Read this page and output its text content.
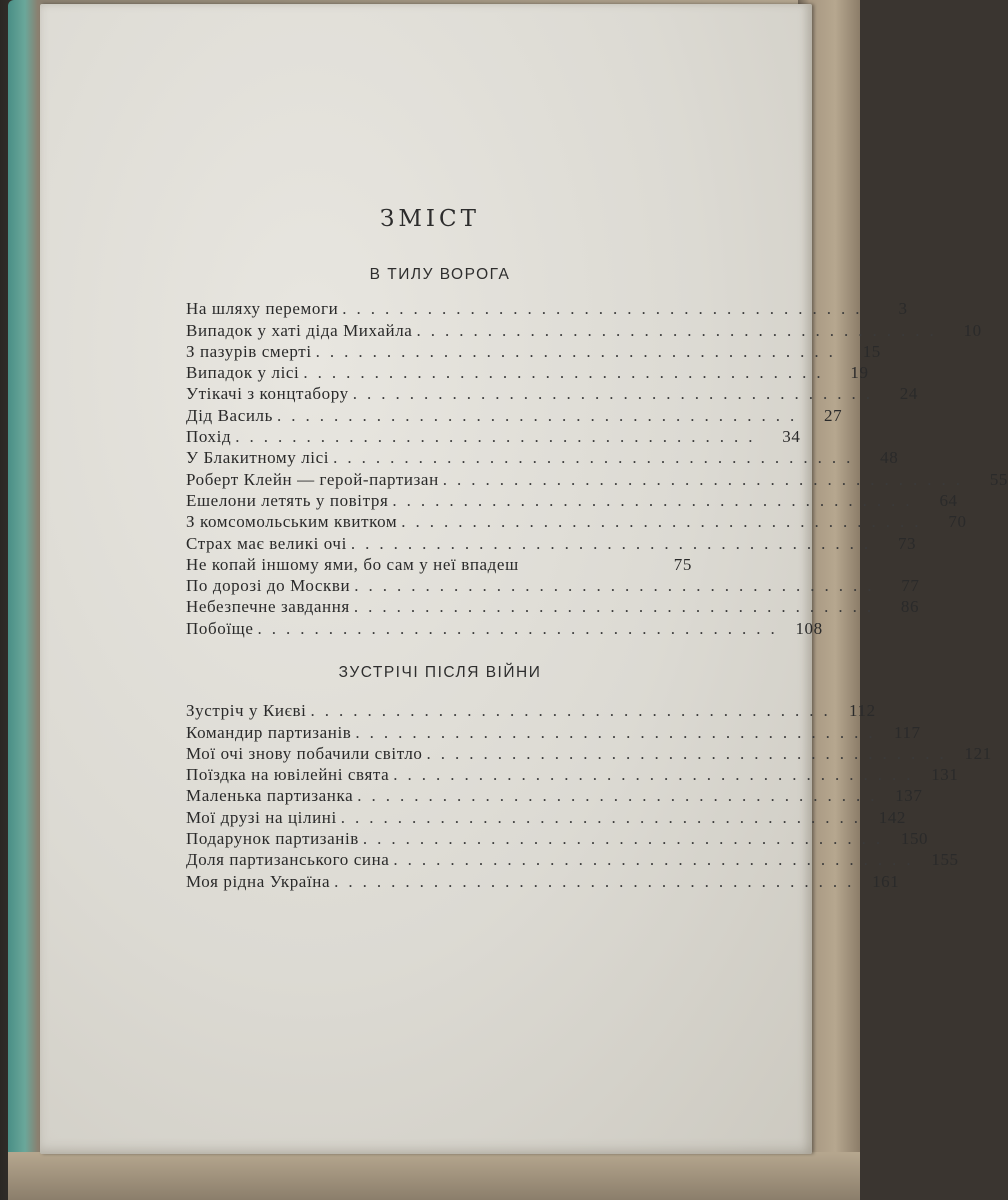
ЗМІСТ
В ТИЛУ ВОРОГА
На шляху перемоги .....................................	3
Випадок у хаті діда Михайла .....................................	10
З пазурів смерті .....................................	15
Випадок у лісі .....................................	19
Утікачі з концтабору .....................................	24
Дід Василь .....................................	27
Похід .....................................	34
У Блакитному лісі .....................................	48
Роберт Клейн — герой-партизан .....................................	55
Ешелони летять у повітря .....................................	64
З комсомольським квитком .....................................	70
Страх має великі очі .....................................	73
Не копай іншому ями, бо сам у неї впадеш	75
По дорозі до Москви .....................................	77
Небезпечне завдання .....................................	86
Побоїще ..................................... 108
ЗУСТРІЧІ ПІСЛЯ ВІЙНИ
Зустріч у Києві ..................................... 112
Командир партизанів ..................................... 117
Мої очі знову побачили світло ..................................... 121
Поїздка на ювілейні свята ..................................... 131
Маленька партизанка ..................................... 137
Мої друзі на цілині ..................................... 142
Подарунок партизанів ..................................... 150
Доля партизанського сина ..................................... 155
Моя рідна Україна ..................................... 161
